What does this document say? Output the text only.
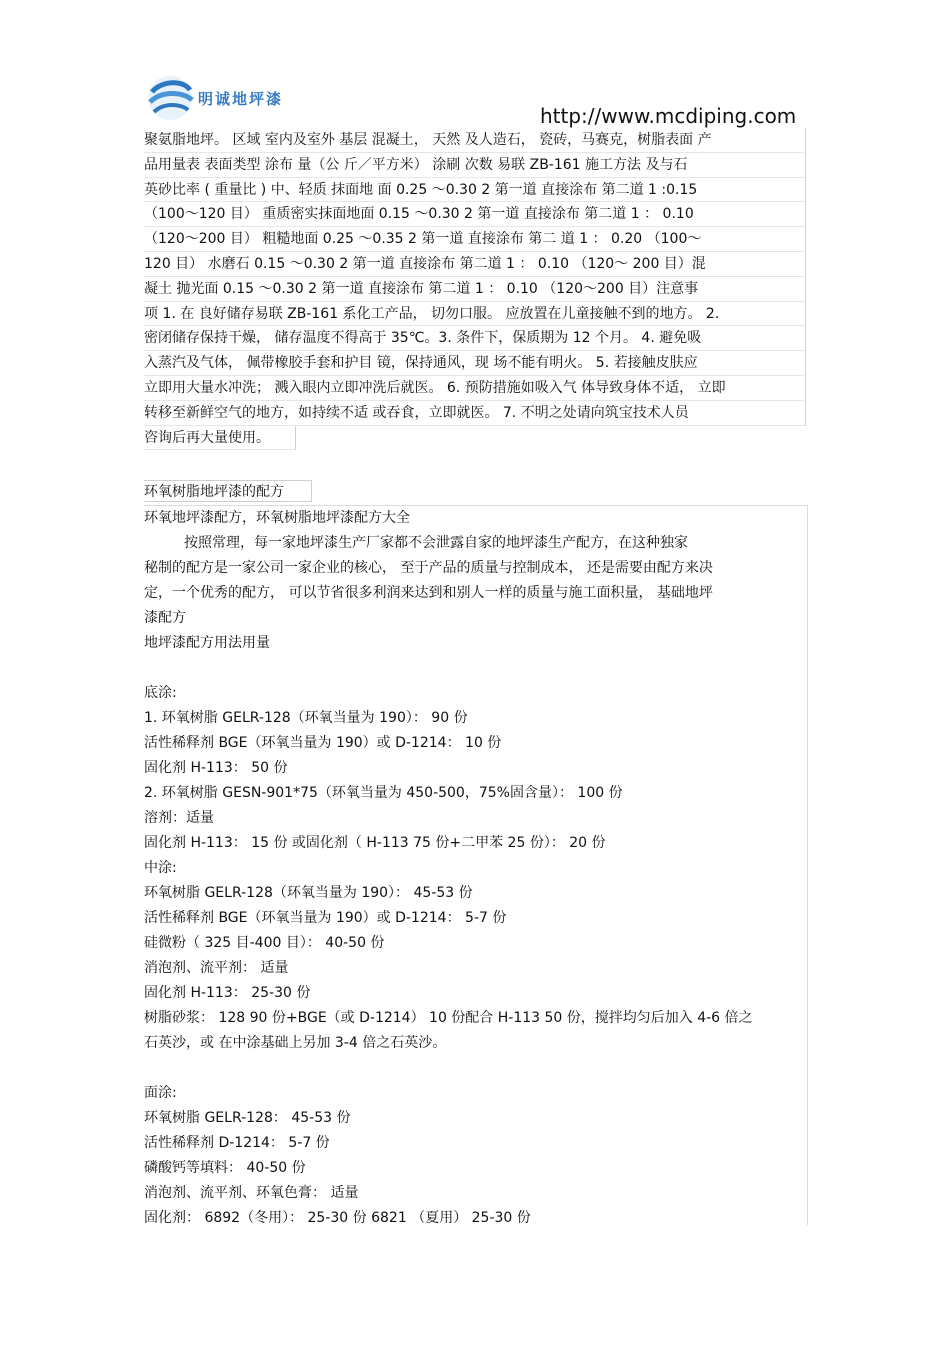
明诚地坪漆
http://www.mcdiping.com
聚氨脂地坪。 区域 室内及室外 基层 混凝土， 天然 及人造石， 瓷砖，马赛克，树脂表面 产
品用量表 表面类型 涂布 量（公 斤／平方米） 涂刷 次数 易联 ZB-161 施工方法 及与石
英砂比率 ( 重量比 ) 中、轻质 抹面地 面 0.25 ～0.30 2 第一道 直接涂布 第二道 1 :0.15
（100～120 目） 重质密实抹面地面 0.15 ～0.30 2 第一道 直接涂布 第二道 1 ： 0.10
（120～200 目） 粗糙地面 0.25 ～0.35 2 第一道 直接涂布 第二 道 1 ： 0.20 （100～
120 目） 水磨石 0.15 ～0.30 2 第一道 直接涂布 第二道 1 ： 0.10 （120～ 200 目）混
凝土 抛光面 0.15 ～0.30 2 第一道 直接涂布 第二道 1 ： 0.10 （120～200 目）注意事
项 1. 在 良好储存易联 ZB-161 系化工产品， 切勿口服。 应放置在儿童接触不到的地方。 2.
密闭储存保持干燥， 储存温度不得高于 35℃。3. 条件下，保质期为 12 个月。 4. 避免吸
入蒸汽及气体， 佩带橡胶手套和护目 镜，保持通风，现 场不能有明火。 5. 若接触皮肤应
立即用大量水冲洗； 溅入眼内立即冲洗后就医。 6. 预防措施如吸入气 体导致身体不适， 立即
转移至新鲜空气的地方，如持续不适 或吞食，立即就医。 7. 不明之处请向筑宝技术人员
咨询后再大量使用。
环氧树脂地坪漆的配方
环氧地坪漆配方，环氧树脂地坪漆配方大全
按照常理，每一家地坪漆生产厂家都不会泄露自家的地坪漆生产配方，在这种独家
秘制的配方是一家公司一家企业的核心， 至于产品的质量与控制成本， 还是需要由配方来决
定，一个优秀的配方， 可以节省很多利润来达到和别人一样的质量与施工面积量， 基础地坪
漆配方
地坪漆配方用法用量
底涂:
1. 环氧树脂 GELR-128（环氧当量为 190）： 90 份
活性稀释剂 BGE（环氧当量为 190）或 D-1214： 10 份
固化剂 H-113： 50 份
2. 环氧树脂 GESN-901*75（环氧当量为 450-500，75%固含量）： 100 份
溶剂：适量
固化剂 H-113： 15 份 或固化剂（ H-113 75 份+二甲苯 25 份）： 20 份
中涂:
环氧树脂 GELR-128（环氧当量为 190）： 45-53 份
活性稀释剂 BGE（环氧当量为 190）或 D-1214： 5-7 份
硅微粉（ 325 目-400 目）： 40-50 份
消泡剂、流平剂： 适量
固化剂 H-113： 25-30 份
树脂砂浆： 128 90 份+BGE（或 D-1214） 10 份配合 H-113 50 份，搅拌均匀后加入 4-6 倍之
石英沙，或 在中涂基础上另加 3-4 倍之石英沙。
面涂:
环氧树脂 GELR-128： 45-53 份
活性稀释剂 D-1214： 5-7 份
磷酸钙等填料： 40-50 份
消泡剂、流平剂、环氧色膏： 适量
固化剂： 6892（冬用）： 25-30 份 6821 （夏用） 25-30 份
